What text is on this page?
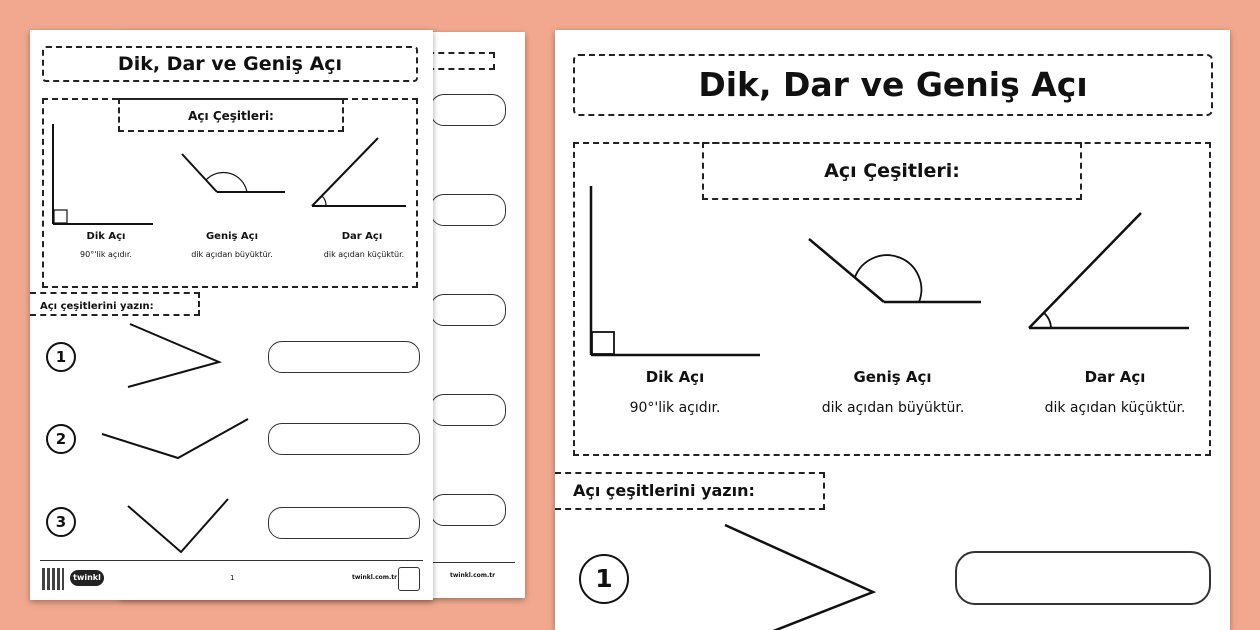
twinkl.com.tr
Dik, Dar ve Geniş Açı
Açı Çeşitleri:
Dik Açı
90°'lik açıdır.
Geniş Açı
dik açıdan büyüktür.
Dar Açı
dik açıdan küçüktür.
Açı çeşitlerini yazın:
1
2
3
twinkl	1	twinkl.com.tr
Dik, Dar ve Geniş Açı
Açı Çeşitleri:
Dik Açı
90°'lik açıdır.
Geniş Açı
dik açıdan büyüktür.
Dar Açı
dik açıdan küçüktür.
Açı çeşitlerini yazın:
1
